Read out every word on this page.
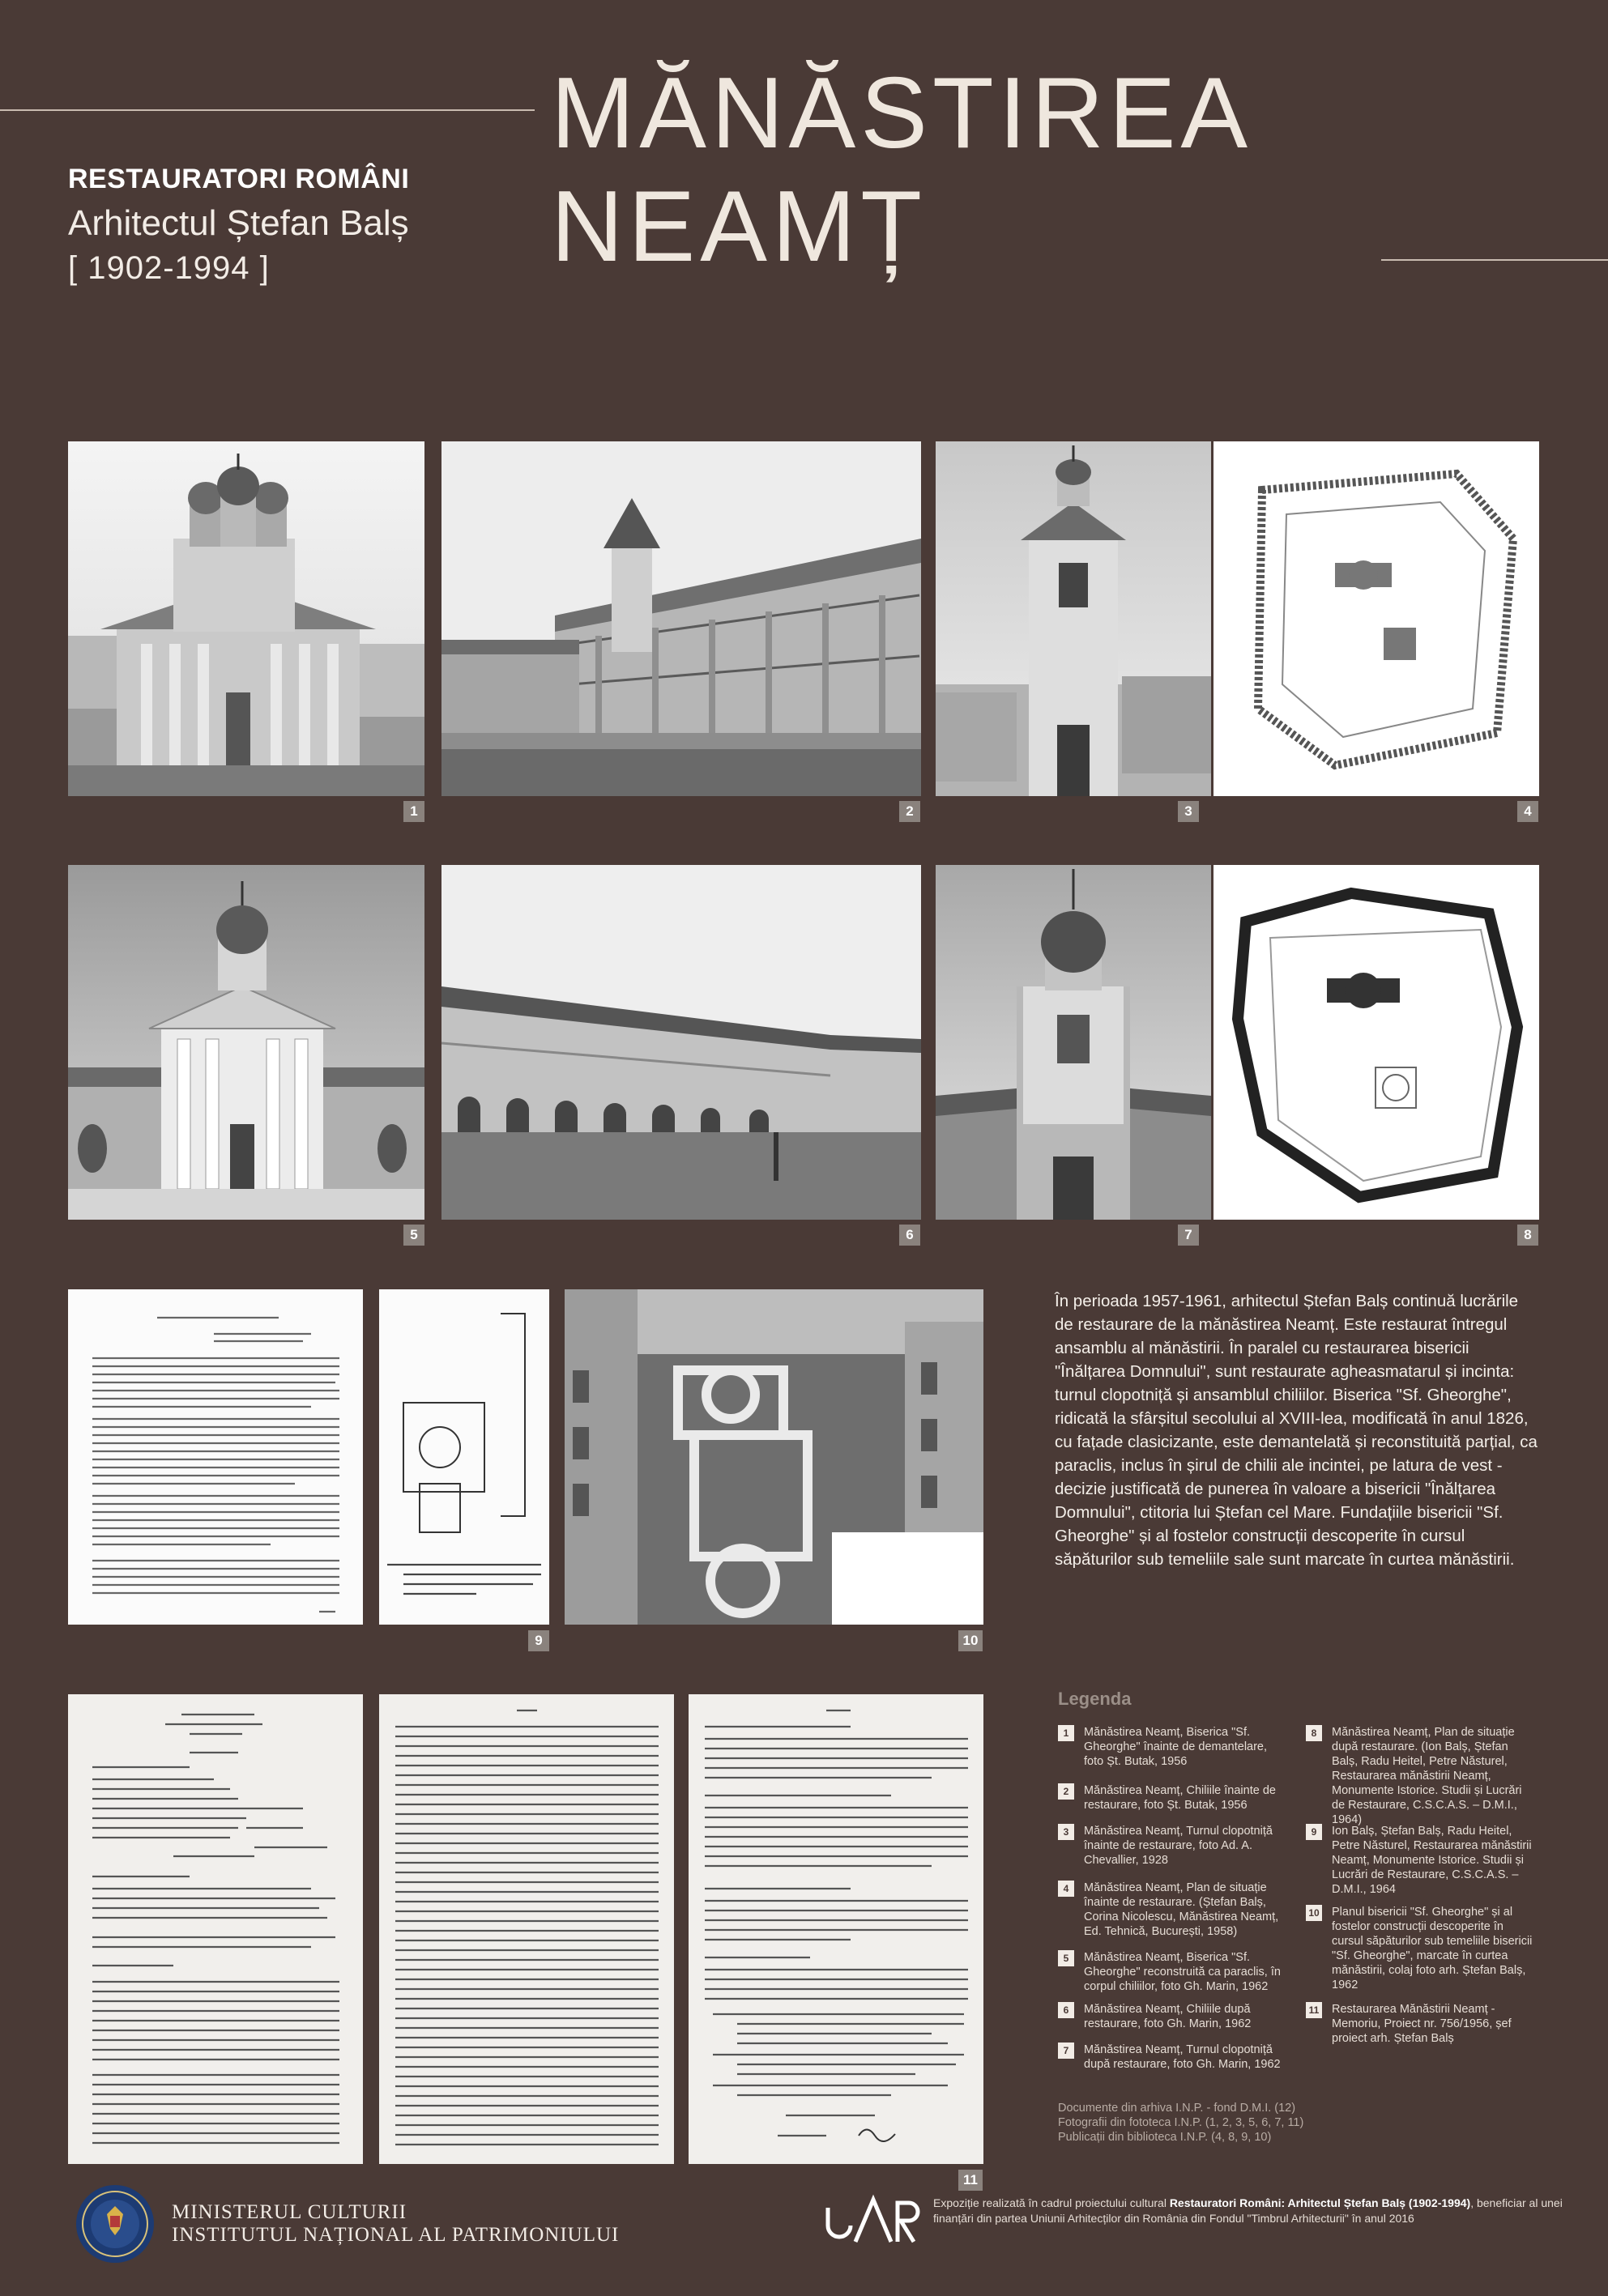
RESTAURATORI ROMÂNI
Arhitectul Ștefan Balș
[ 1902-1994 ]
MĂNĂSTIREA
NEAMȚ
1	2	3	4
5	6	7	8
9	10
În perioada 1957-1961, arhitectul Ștefan Balș continuă lucrările de restaurare de la mănăstirea Neamț. Este restaurat întregul ansamblu al mănăstirii. În paralel cu restaurarea bisericii "Înălțarea Domnului", sunt restaurate agheasmatarul și incinta: turnul clopotniță și ansamblul chiliilor. Biserica "Sf. Gheorghe", ridicată la sfârșitul secolului al XVIII-lea, modificată în anul 1826, cu fațade clasicizante, este demantelată și reconstituită parțial, ca paraclis, inclus în șirul de chilii ale incintei, pe latura de vest - decizie justificată de punerea în valoare a bisericii "Înălțarea Domnului", ctitoria lui Ștefan cel Mare. Fundațiile bisericii "Sf. Gheorghe" și al fostelor construcții descoperite în cursul săpăturilor sub temeliile sale sunt marcate în curtea mănăstirii.
11
Legenda
1	Mănăstirea Neamț, Biserica "Sf. Gheorghe" înainte de demantelare, foto Șt. Butak, 1956
2	Mănăstirea Neamț, Chiliile înainte de restaurare, foto Șt. Butak, 1956
3	Mănăstirea Neamț, Turnul clopotniță înainte de restaurare, foto Ad. A. Chevallier, 1928
4	Mănăstirea Neamț, Plan de situație înainte de restaurare. (Ștefan Balș, Corina Nicolescu, Mănăstirea Neamț, Ed. Tehnică, București, 1958)
5	Mănăstirea Neamț, Biserica "Sf. Gheorghe" reconstruită ca paraclis, în corpul chiliilor, foto Gh. Marin, 1962
6	Mănăstirea Neamț, Chiliile după restaurare, foto Gh. Marin, 1962
7	Mănăstirea Neamț, Turnul clopotniță după restaurare, foto Gh. Marin, 1962
8	Mănăstirea Neamț, Plan de situație după restaurare. (Ion Balș, Ștefan Balș, Radu Heitel, Petre Năsturel, Restaurarea mănăstirii Neamț, Monumente Istorice. Studii și Lucrări de Restaurare, C.S.C.A.S. – D.M.I., 1964)
9	Ion Balș, Ștefan Balș, Radu Heitel, Petre Năsturel, Restaurarea mănăstirii Neamț, Monumente Istorice. Studii și Lucrări de Restaurare, C.S.C.A.S. – D.M.I., 1964
10 Planul bisericii "Sf. Gheorghe" și al fostelor construcții descoperite în cursul săpăturilor sub temeliile bisericii "Sf. Gheorghe", marcate în curtea mănăstirii, colaj foto arh. Ștefan Balș, 1962
11 Restaurarea Mănăstirii Neamț - Memoriu, Proiect nr. 756/1956, șef proiect arh. Ștefan Balș
Documente din arhiva I.N.P. - fond D.M.I. (12)
Fotografii din fototeca I.N.P. (1, 2, 3, 5, 6, 7, 11)
Publicații din biblioteca I.N.P. (4, 8, 9, 10)
MINISTERUL CULTURII
INSTITUTUL NAȚIONAL AL PATRIMONIULUI
Expoziție realizată în cadrul proiectului cultural Restauratori Români: Arhitectul Ștefan Balș (1902-1994), beneficiar al unei finanțări din partea Uniunii Arhitecților din România din Fondul "Timbrul Arhitecturii" în anul 2016
